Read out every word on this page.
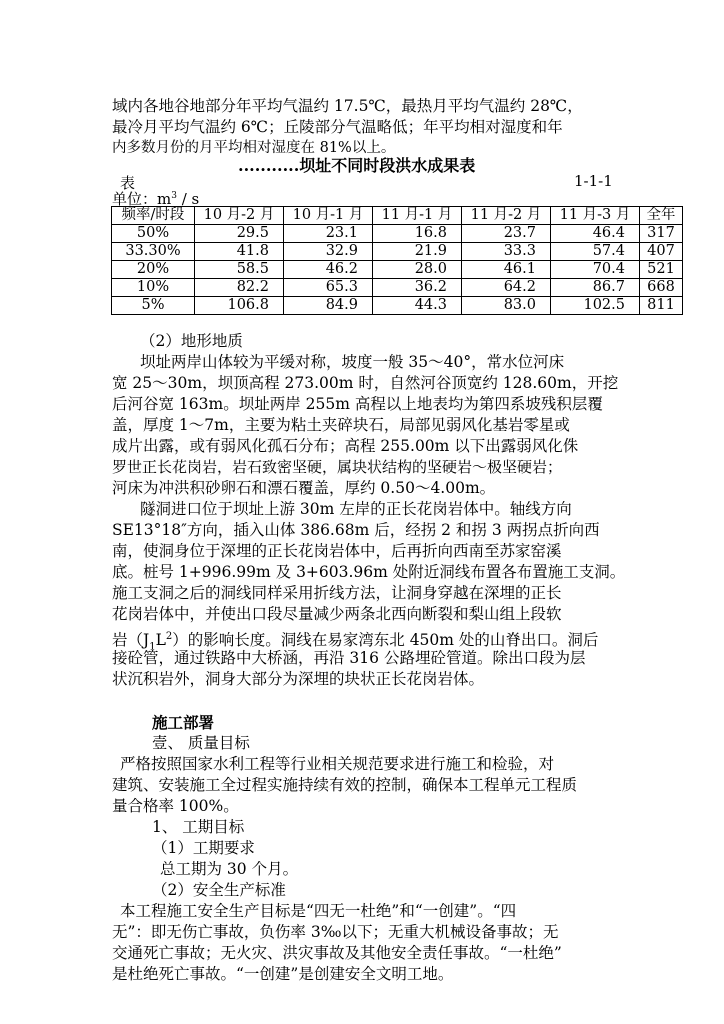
域内各地谷地部分年平均气温约 17.5℃，最热月平均气温约 28℃，
最冷月平均气温约 6℃；丘陵部分气温略低；年平均相对湿度和年
内多数月份的月平均相对湿度在 81%以上。
...........坝址不同时段洪水成果表
表	1-1-1
单位：$m^3$ / s
频率/时段	10 月-2 月	10 月-1 月	11 月-1 月	11 月-2 月	11 月-3 月	全年
50%	29.5	23.1	16.8	23.7	46.4	317
33.30%	41.8	32.9	21.9	33.3	57.4	407
20%	58.5	46.2	28.0	46.1	70.4	521
10%	82.2	65.3	36.2	64.2	86.7	668
5%	106.8	84.9	44.3	83.0	102.5	811
（2）地形地质
坝址两岸山体较为平缓对称，坡度一般 35～40°，常水位河床
宽 25～30m，坝顶高程 273.00m 时，自然河谷顶宽约 128.60m，开挖
后河谷宽 163m。坝址两岸 255m 高程以上地表均为第四系坡残积层覆
盖，厚度 1～7m，主要为粘土夹碎块石，局部见弱风化基岩零星或
成片出露，或有弱风化孤石分布；高程 255.00m 以下出露弱风化侏
罗世正长花岗岩，岩石致密坚硬，属块状结构的坚硬岩～极坚硬岩；
河床为冲洪积砂卵石和漂石覆盖，厚约 0.50～4.00m。
隧洞进口位于坝址上游 30m 左岸的正长花岗岩体中。轴线方向
SE13°18″方向，插入山体 386.68m 后，经拐 2 和拐 3 两拐点折向西
南，使洞身位于深埋的正长花岗岩体中，后再折向西南至苏家窑溪
底。桩号 1+996.99m 及 3+603.96m 处附近洞线布置各布置施工支洞。
施工支洞之后的洞线同样采用折线方法，让洞身穿越在深埋的正长
花岗岩体中，并使出口段尽量减少两条北西向断裂和梨山组上段软
岩$(J_1L^2)$的影响长度。洞线在易家湾东北 450m 处的山脊出口。洞后
接砼管，通过铁路中大桥涵，再沿 316 公路埋砼管道。除出口段为层
状沉积岩外，洞身大部分为深埋的块状正长花岗岩体。
施工部署
壹、 质量目标
严格按照国家水利工程等行业相关规范要求进行施工和检验，对
建筑、安装施工全过程实施持续有效的控制，确保本工程单元工程质
量合格率 100%。
1、 工期目标
（1）工期要求
总工期为 30 个月。
（2）安全生产标准
本工程施工安全生产目标是“四无一杜绝”和“一创建”。“四
无”：即无伤亡事故，负伤率 3‰以下；无重大机械设备事故；无
交通死亡事故；无火灾、洪灾事故及其他安全责任事故。“一杜绝”
是杜绝死亡事故。“一创建”是创建安全文明工地。
